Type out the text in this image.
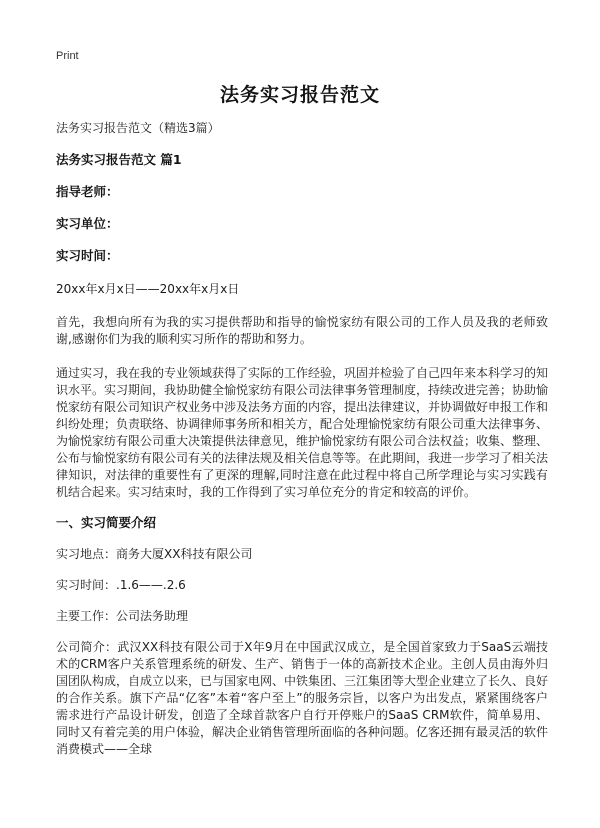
Print
法务实习报告范文
法务实习报告范文（精选3篇）
法务实习报告范文 篇1
指导老师：
实习单位：
实习时间：
20xx年x月x日——20xx年x月x日
首先，我想向所有为我的实习提供帮助和指导的愉悦家纺有限公司的工作人员及我的老师致谢,感谢你们为我的顺利实习所作的帮助和努力。
通过实习，我在我的专业领域获得了实际的工作经验，巩固并检验了自己四年来本科学习的知识水平。实习期间，我协助健全愉悦家纺有限公司法律事务管理制度，持续改进完善；协助愉悦家纺有限公司知识产权业务中涉及法务方面的内容，提出法律建议，并协调做好申报工作和纠纷处理；负责联络、协调律师事务所和相关方，配合处理愉悦家纺有限公司重大法律事务、为愉悦家纺有限公司重大决策提供法律意见，维护愉悦家纺有限公司合法权益；收集、整理、公布与愉悦家纺有限公司有关的法律法规及相关信息等等。在此期间，我进一步学习了相关法律知识，对法律的重要性有了更深的理解,同时注意在此过程中将自己所学理论与实习实践有机结合起来。实习结束时，我的工作得到了实习单位充分的肯定和较高的评价。
一、实习简要介绍
实习地点：商务大厦XX科技有限公司
实习时间：.1.6——.2.6
主要工作：公司法务助理
公司简介：武汉XX科技有限公司于X年9月在中国武汉成立，是全国首家致力于SaaS云端技术的CRM客户关系管理系统的研发、生产、销售于一体的高新技术企业。主创人员由海外归国团队构成，自成立以来，已与国家电网、中铁集团、三江集团等大型企业建立了长久、良好的合作关系。旗下产品“亿客”本着“客户至上”的服务宗旨，以客户为出发点，紧紧围绕客户需求进行产品设计研发，创造了全球首款客户自行开停账户的SaaS CRM软件，简单易用、同时又有着完美的用户体验，解决企业销售管理所面临的各种问题。亿客还拥有最灵活的软件消费模式——全球
